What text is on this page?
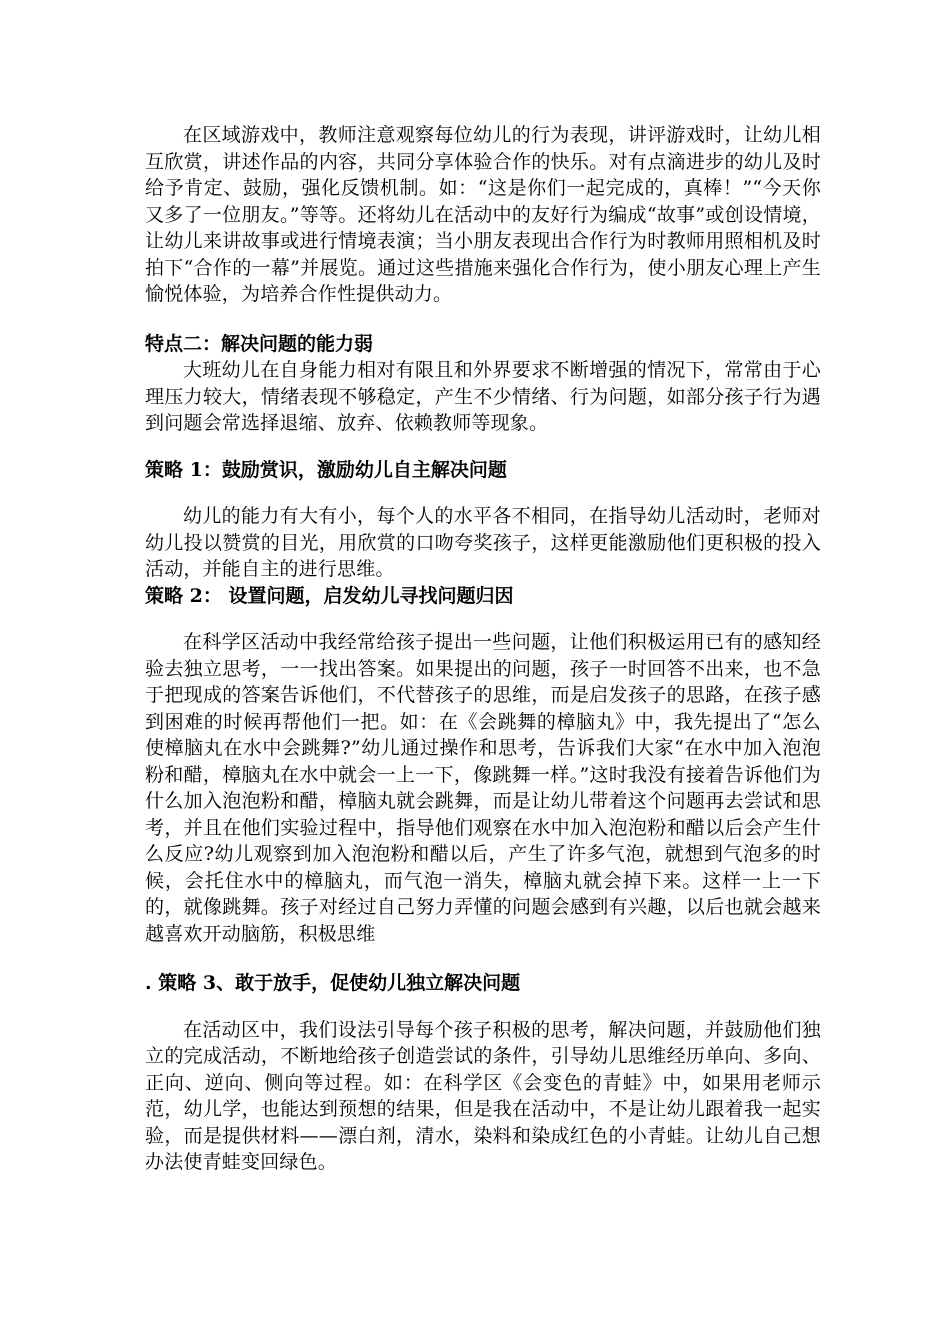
在区域游戏中，教师注意观察每位幼儿的行为表现，讲评游戏时，让幼儿相互欣赏，讲述作品的内容，共同分享体验合作的快乐。对有点滴进步的幼儿及时给予肯定、鼓励，强化反馈机制。如：“这是你们一起完成的，真棒！”“今天你又多了一位朋友。”等等。还将幼儿在活动中的友好行为编成“故事”或创设情境，让幼儿来讲故事或进行情境表演；当小朋友表现出合作行为时教师用照相机及时拍下“合作的一幕”并展览。通过这些措施来强化合作行为，使小朋友心理上产生愉悦体验，为培养合作性提供动力。

特点二：解决问题的能力弱

大班幼儿在自身能力相对有限且和外界要求不断增强的情况下，常常由于心理压力较大，情绪表现不够稳定，产生不少情绪、行为问题，如部分孩子行为遇到问题会常选择退缩、放弃、依赖教师等现象。

策略 1：鼓励赏识，激励幼儿自主解决问题

幼儿的能力有大有小，每个人的水平各不相同，在指导幼儿活动时，老师对幼儿投以赞赏的目光，用欣赏的口吻夸奖孩子，这样更能激励他们更积极的投入活动，并能自主的进行思维。

策略 2： 设置问题，启发幼儿寻找问题归因

在科学区活动中我经常给孩子提出一些问题，让他们积极运用已有的感知经验去独立思考，一一找出答案。如果提出的问题，孩子一时回答不出来，也不急于把现成的答案告诉他们，不代替孩子的思维，而是启发孩子的思路，在孩子感到困难的时候再帮他们一把。如：在《会跳舞的樟脑丸》中，我先提出了“怎么使樟脑丸在水中会跳舞?”幼儿通过操作和思考，告诉我们大家“在水中加入泡泡粉和醋，樟脑丸在水中就会一上一下，像跳舞一样。”这时我没有接着告诉他们为什么加入泡泡粉和醋，樟脑丸就会跳舞，而是让幼儿带着这个问题再去尝试和思考，并且在他们实验过程中，指导他们观察在水中加入泡泡粉和醋以后会产生什么反应?幼儿观察到加入泡泡粉和醋以后，产生了许多气泡，就想到气泡多的时候，会托住水中的樟脑丸，而气泡一消失，樟脑丸就会掉下来。这样一上一下的，就像跳舞。孩子对经过自己努力弄懂的问题会感到有兴趣，以后也就会越来越喜欢开动脑筋，积极思维

. 策略 3、敢于放手，促使幼儿独立解决问题

在活动区中，我们设法引导每个孩子积极的思考，解决问题，并鼓励他们独立的完成活动，不断地给孩子创造尝试的条件，引导幼儿思维经历单向、多向、正向、逆向、侧向等过程。如：在科学区《会变色的青蛙》中，如果用老师示范，幼儿学，也能达到预想的结果，但是我在活动中，不是让幼儿跟着我一起实验，而是提供材料——漂白剂，清水，染料和染成红色的小青蛙。让幼儿自己想办法使青蛙变回绿色。
